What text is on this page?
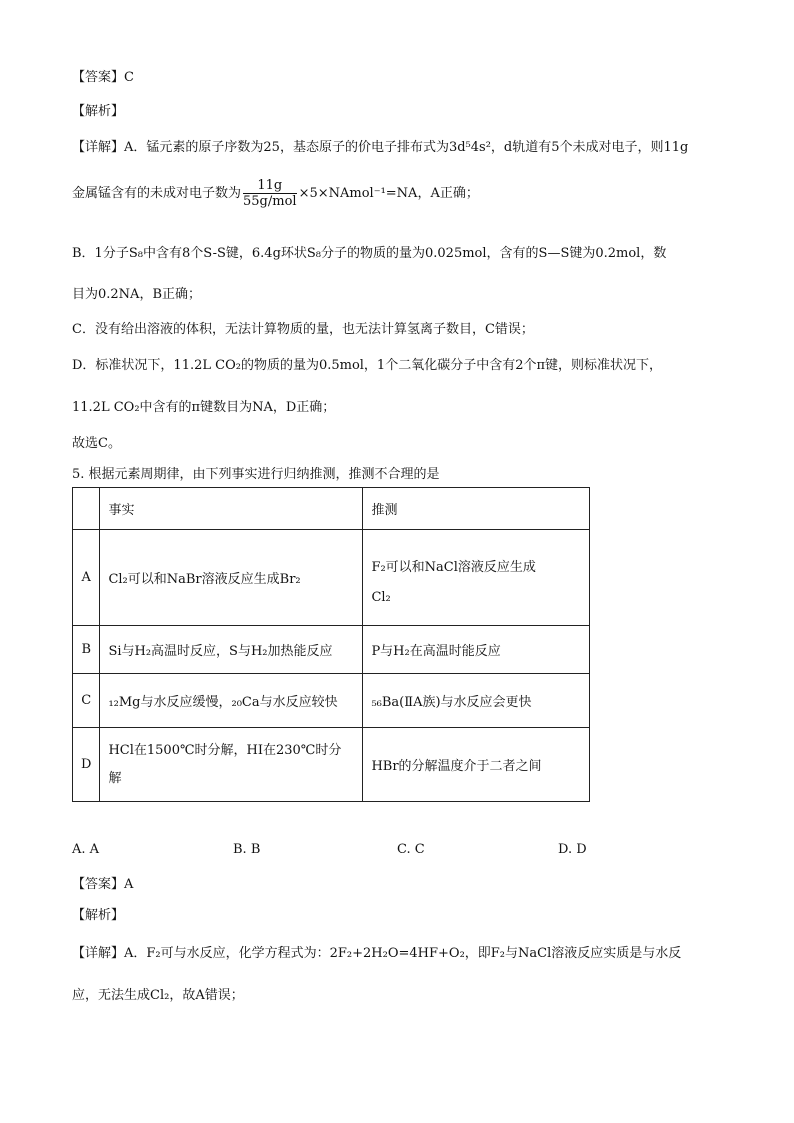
【答案】C
【解析】
【详解】A．锰元素的原子序数为25，基态原子的价电子排布式为3d⁵4s²，d轨道有5个未成对电子，则11g
金属锰含有的未成对电子数为 $\frac{11g}{\text{55g/mol}}$ ×5×NAmol⁻¹=NA，A正确；
B．1分子S₈中含有8个S-S键，6.4g环状S₈分子的物质的量为0.025mol，含有的S—S键为0.2mol，数
目为0.2NA，B正确；
C．没有给出溶液的体积，无法计算物质的量，也无法计算氢离子数目，C错误；
D．标准状况下，11.2L CO₂的物质的量为0.5mol，1个二氧化碳分子中含有2个π键，则标准状况下，
11.2L CO₂中含有的π键数目为NA，D正确；
故选C。
5. 根据元素周期律，由下列事实进行归纳推测，推测不合理的是
	事实	推测
A	Cl₂可以和NaBr溶液反应生成Br₂	F₂可以和NaCl溶液反应生成
Cl₂

B	Si与H₂高温时反应，S与H₂加热能反应	P与H₂在高温时能反应
C	₁₂Mg与水反应缓慢，₂₀Ca与水反应较快	₅₆Ba(ⅡA族)与水反应会更快
D	HCl在1500℃时分解，HI在230℃时分
解	HBr的分解温度介于二者之间
A. A	B. B	C. C	D. D
【答案】A
【解析】
【详解】A．F₂可与水反应，化学方程式为：2F₂+2H₂O=4HF+O₂，即F₂与NaCl溶液反应实质是与水反
应，无法生成Cl₂，故A错误；
